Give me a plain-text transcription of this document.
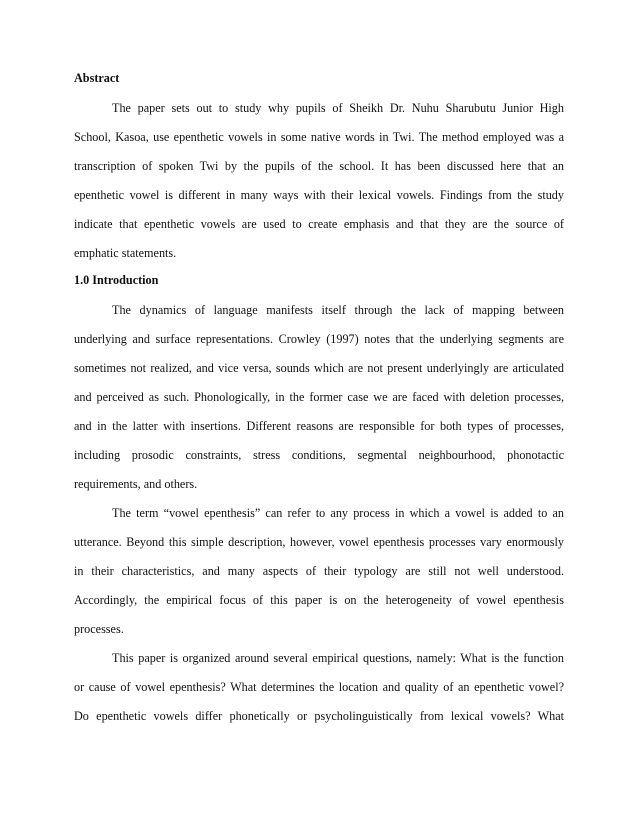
Abstract
The paper sets out to study why pupils of Sheikh Dr. Nuhu Sharubutu Junior High
School, Kasoa, use epenthetic vowels in some native words in Twi. The method employed was a
transcription of spoken Twi by the pupils of the school. It has been discussed here that an
epenthetic vowel is different in many ways with their lexical vowels. Findings from the study
indicate that epenthetic vowels are used to create emphasis and that they are the source of
emphatic statements.
1.0 Introduction
The dynamics of language manifests itself through the lack of mapping between
underlying and surface representations. Crowley (1997) notes that the underlying segments are
sometimes not realized, and vice versa, sounds which are not present underlyingly are articulated
and perceived as such. Phonologically, in the former case we are faced with deletion processes,
and in the latter with insertions. Different reasons are responsible for both types of processes,
including prosodic constraints, stress conditions, segmental neighbourhood, phonotactic
requirements, and others.
The term “vowel epenthesis” can refer to any process in which a vowel is added to an
utterance. Beyond this simple description, however, vowel epenthesis processes vary enormously
in their characteristics, and many aspects of their typology are still not well understood.
Accordingly, the empirical focus of this paper is on the heterogeneity of vowel epenthesis
processes.
This paper is organized around several empirical questions, namely: What is the function
or cause of vowel epenthesis? What determines the location and quality of an epenthetic vowel?
Do epenthetic vowels differ phonetically or psycholinguistically from lexical vowels? What
